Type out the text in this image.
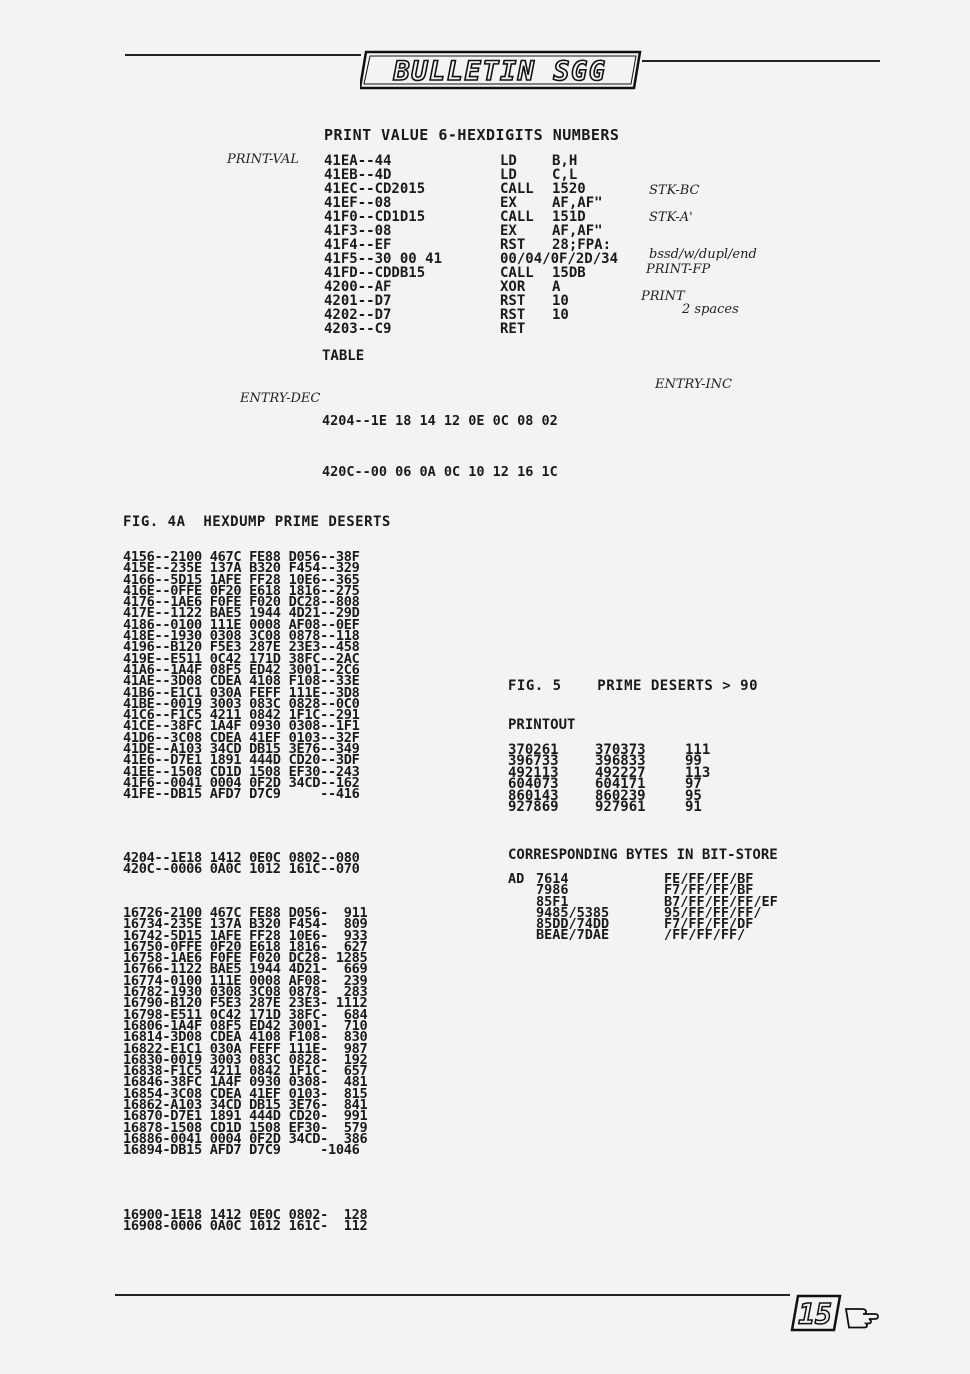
BULLETIN SGG
PRINT VALUE 6-HEXDIGITS NUMBERS
PRINT-VAL 41EA--44	LD	B,H
41EB--4D	LD	C,L
41EC--CD2015	CALL 1520
41EF--08	EX	AF,AF"
41F0--CD1D15	CALL 151D
41F3--08	EX	AF,AF"
41F4--EF	RST 28;FPA:
41F5--30 00 41	00/04/0F/2D/34
41FD--CDDB15	CALL 15DB
4200--AF	XOR A
4201--D7	RST 10
4202--D7	RST 10
4203--C9	RET
STK-BC
STK-A'
bssd/w/dupl/end
PRINT-FP
PRINT
2 spaces
TABLE

4204--1E 18 14 12 0E 0C 08 02

420C--00 06 0A 0C 10 12 16 1C

ENTRY-INC
ENTRY-DEC
FIG. 4A  HEXDUMP PRIME DESERTS
4156--2100 467C FE88 D056--38F
415E--235E 137A B320 F454--329
4166--5D15 1AFE FF28 10E6--365
416E--0FFE 0F20 E618 1816--275
4176--1AE6 F0FE F020 DC28--808
417E--1122 BAE5 1944 4D21--29D
4186--0100 111E 0008 AF08--0EF
418E--1930 0308 3C08 0878--118
4196--B120 F5E3 287E 23E3--458
419E--E511 0C42 171D 38FC--2AC
41A6--1A4F 08F5 ED42 3001--2C6
41AE--3D08 CDEA 4108 F108--33E
41B6--E1C1 030A FEFF 111E--3D8
41BE--0019 3003 083C 0828--0C0
41C6--F1C5 4211 0842 1F1C--291
41CE--38FC 1A4F 0930 0308--1F1
41D6--3C08 CDEA 41EF 0103--32F
41DE--A103 34CD DB15 3E76--349
41E6--D7E1 1891 444D CD20--3DF
41EE--1508 CD1D 1508 EF30--243
41F6--0041 0004 0F2D 34CD--162
41FE--DB15 AFD7 D7C9     --416
4204--1E18 1412 0E0C 0802--080
420C--0006 0A0C 1012 161C--070
16726-2100 467C FE88 D056-  911
16734-235E 137A B320 F454-  809
16742-5D15 1AFE FF28 10E6-  933
16750-0FFE 0F20 E618 1816-  627
16758-1AE6 F0FE F020 DC28- 1285
16766-1122 BAE5 1944 4D21-  669
16774-0100 111E 0008 AF08-  239
16782-1930 0308 3C08 0878-  283
16790-B120 F5E3 287E 23E3- 1112
16798-E511 0C42 171D 38FC-  684
16806-1A4F 08F5 ED42 3001-  710
16814-3D08 CDEA 4108 F108-  830
16822-E1C1 030A FEFF 111E-  987
16830-0019 3003 083C 0828-  192
16838-F1C5 4211 0842 1F1C-  657
16846-38FC 1A4F 0930 0308-  481
16854-3C08 CDEA 41EF 0103-  815
16862-A103 34CD DB15 3E76-  841
16870-D7E1 1891 444D CD20-  991
16878-1508 CD1D 1508 EF30-  579
16886-0041 0004 0F2D 34CD-  386
16894-DB15 AFD7 D7C9     -1046
16900-1E18 1412 0E0C 0802-  128
16908-0006 0A0C 1012 161C-  112
FIG. 5    PRIME DESERTS > 90
PRINTOUT
370261	370373	111
396733	396833	99
492113	492227	113
604073	604171	97
860143	860239	95
927869	927961	91
CORRESPONDING BYTES IN BIT-STORE
AD 7614	FE/FF/FF/BF
7986	F7/FF/FF/BF
85F1	B7/FF/FF/FF/EF
9485/5385	95/FF/FF/FF/
85DD/74DD	F7/FF/FF/DF
BEAE/7DAE	/FF/FF/FF/
15
